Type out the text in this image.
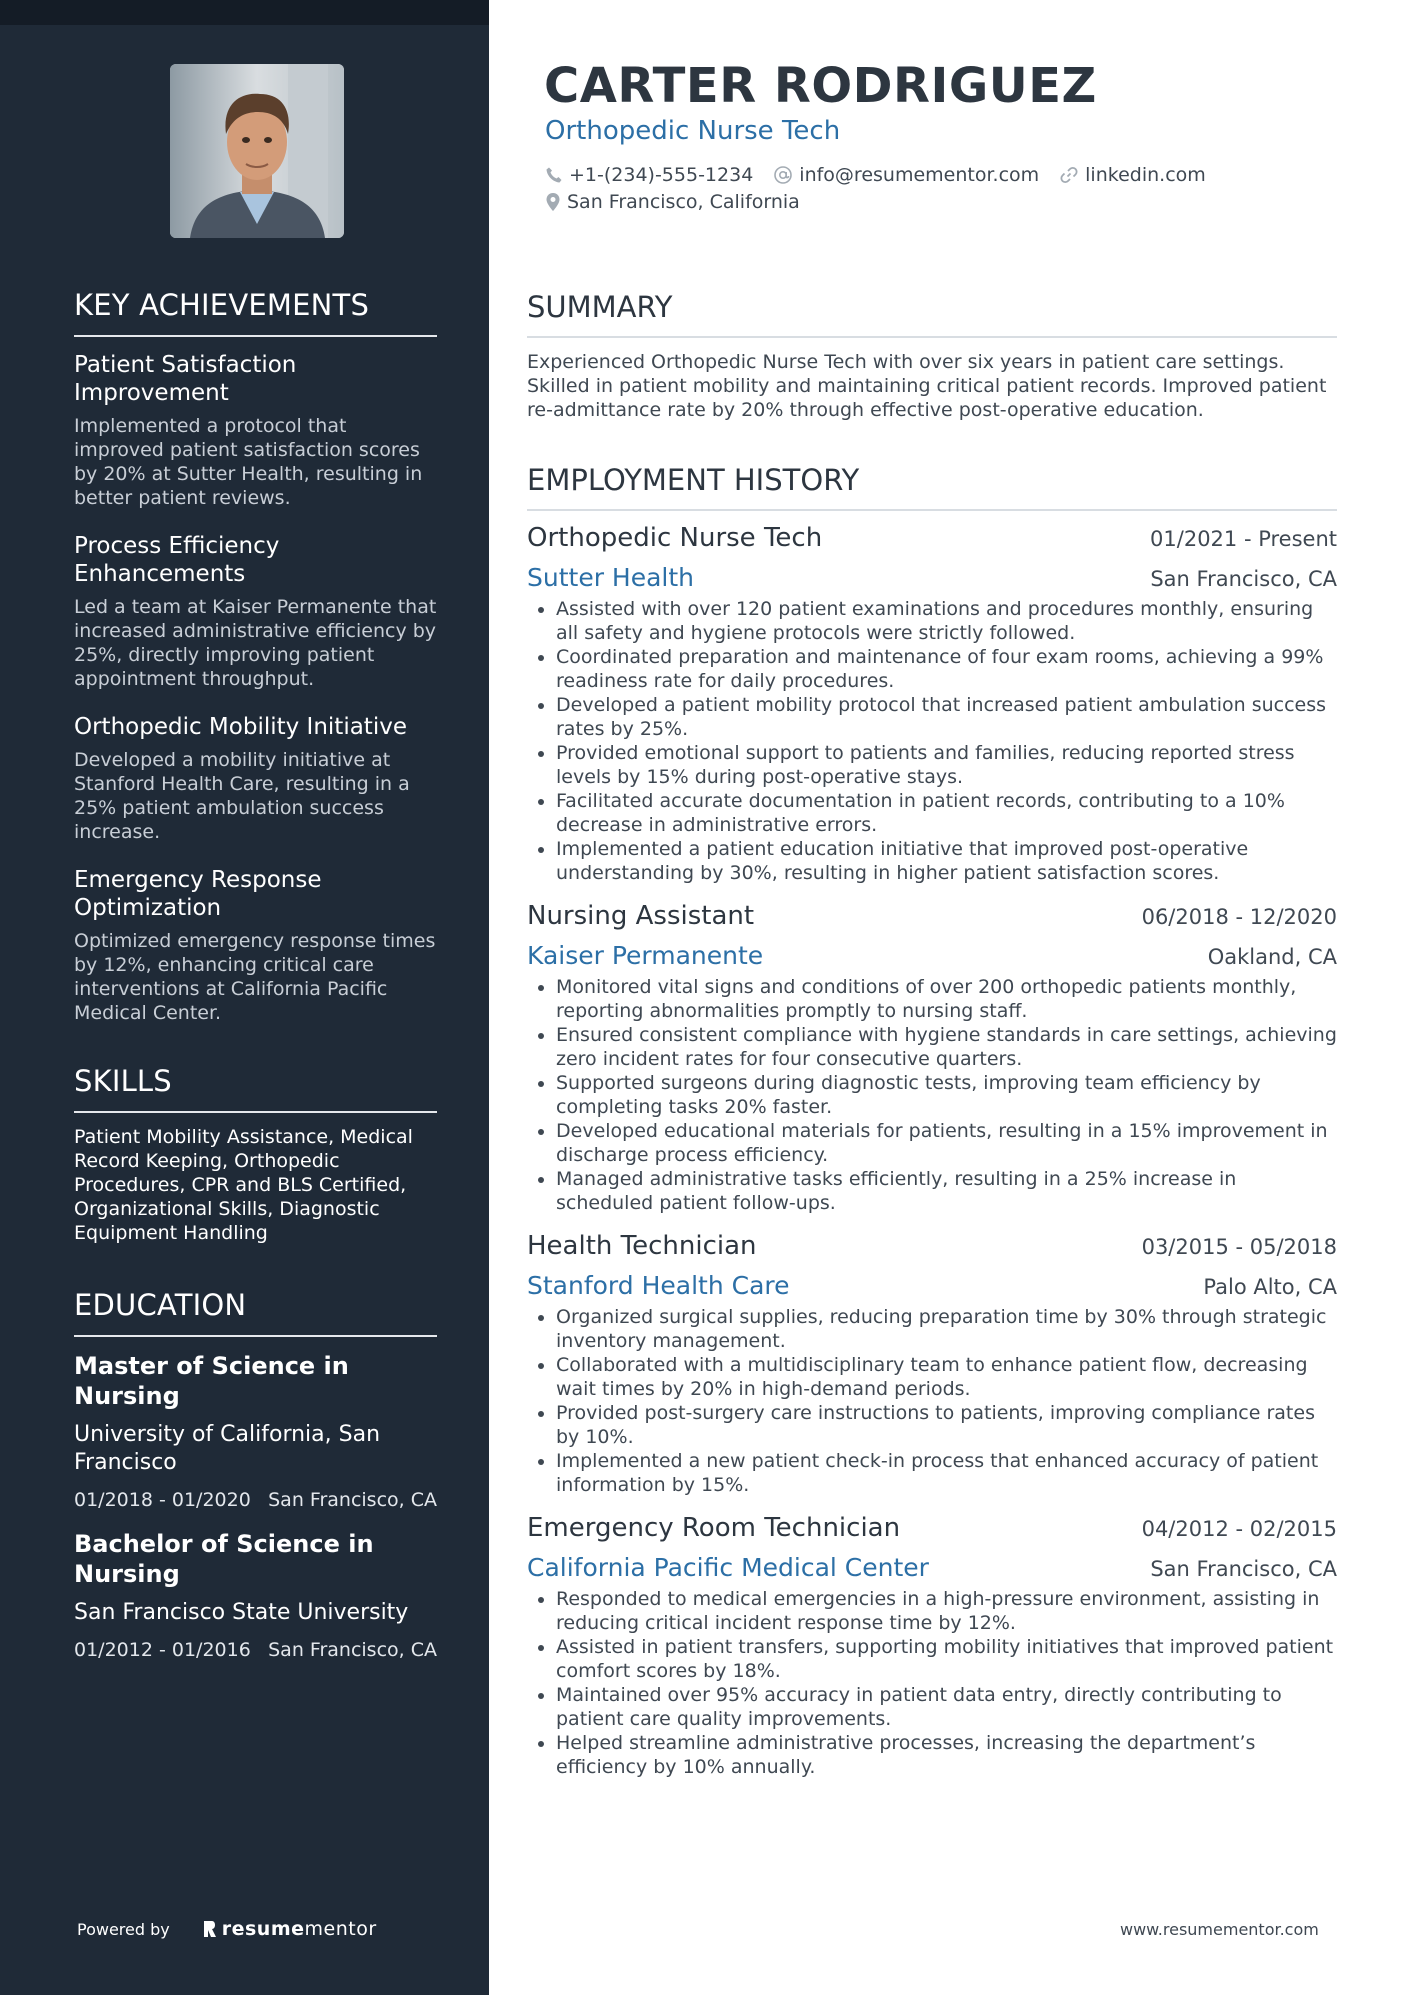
KEY ACHIEVEMENTS
Patient Satisfaction Improvement
Implemented a protocol that improved patient satisfaction scores by 20% at Sutter Health, resulting in better patient reviews.
Process Efficiency Enhancements
Led a team at Kaiser Permanente that increased administrative efficiency by 25%, directly improving patient appointment throughput.
Orthopedic Mobility Initiative
Developed a mobility initiative at Stanford Health Care, resulting in a 25% patient ambulation success increase.
Emergency Response Optimization
Optimized emergency response times by 12%, enhancing critical care interventions at California Pacific Medical Center.
SKILLS
Patient Mobility Assistance, Medical Record Keeping, Orthopedic Procedures, CPR and BLS Certified, Organizational Skills, Diagnostic Equipment Handling
EDUCATION
Master of Science in Nursing
University of California, San Francisco
01/2018 - 01/2020 San Francisco, CA
Bachelor of Science in Nursing
San Francisco State University
01/2012 - 01/2016 San Francisco, CA
Powered by	resume mentor
CARTER RODRIGUEZ
Orthopedic Nurse Tech
+1-(234)-555-1234 info@resumementor.com linkedin.com
San Francisco, California
SUMMARY
Experienced Orthopedic Nurse Tech with over six years in patient care settings. Skilled in patient mobility and maintaining critical patient records. Improved patient re-admittance rate by 20% through effective post-operative education.
EMPLOYMENT HISTORY
Orthopedic Nurse Tech	01/2021 - Present
Sutter Health	San Francisco, CA
• Assisted with over 120 patient examinations and procedures monthly, ensuring all safety and hygiene protocols were strictly followed.
• Coordinated preparation and maintenance of four exam rooms, achieving a 99% readiness rate for daily procedures.
• Developed a patient mobility protocol that increased patient ambulation success rates by 25%.
• Provided emotional support to patients and families, reducing reported stress levels by 15% during post-operative stays.
• Facilitated accurate documentation in patient records, contributing to a 10% decrease in administrative errors.
• Implemented a patient education initiative that improved post-operative understanding by 30%, resulting in higher patient satisfaction scores.
Nursing Assistant	06/2018 - 12/2020
Kaiser Permanente	Oakland, CA
• Monitored vital signs and conditions of over 200 orthopedic patients monthly, reporting abnormalities promptly to nursing staff.
• Ensured consistent compliance with hygiene standards in care settings, achieving zero incident rates for four consecutive quarters.
• Supported surgeons during diagnostic tests, improving team efficiency by completing tasks 20% faster.
• Developed educational materials for patients, resulting in a 15% improvement in discharge process efficiency.
• Managed administrative tasks efficiently, resulting in a 25% increase in scheduled patient follow-ups.
Health Technician	03/2015 - 05/2018
Stanford Health Care	Palo Alto, CA
• Organized surgical supplies, reducing preparation time by 30% through strategic inventory management.
• Collaborated with a multidisciplinary team to enhance patient flow, decreasing wait times by 20% in high-demand periods.
• Provided post-surgery care instructions to patients, improving compliance rates by 10%.
• Implemented a new patient check-in process that enhanced accuracy of patient information by 15%.
Emergency Room Technician	04/2012 - 02/2015
California Pacific Medical Center	San Francisco, CA
• Responded to medical emergencies in a high-pressure environment, assisting in reducing critical incident response time by 12%.
• Assisted in patient transfers, supporting mobility initiatives that improved patient comfort scores by 18%.
• Maintained over 95% accuracy in patient data entry, directly contributing to patient care quality improvements.
• Helped streamline administrative processes, increasing the department’s efficiency by 10% annually.
www.resumementor.com
